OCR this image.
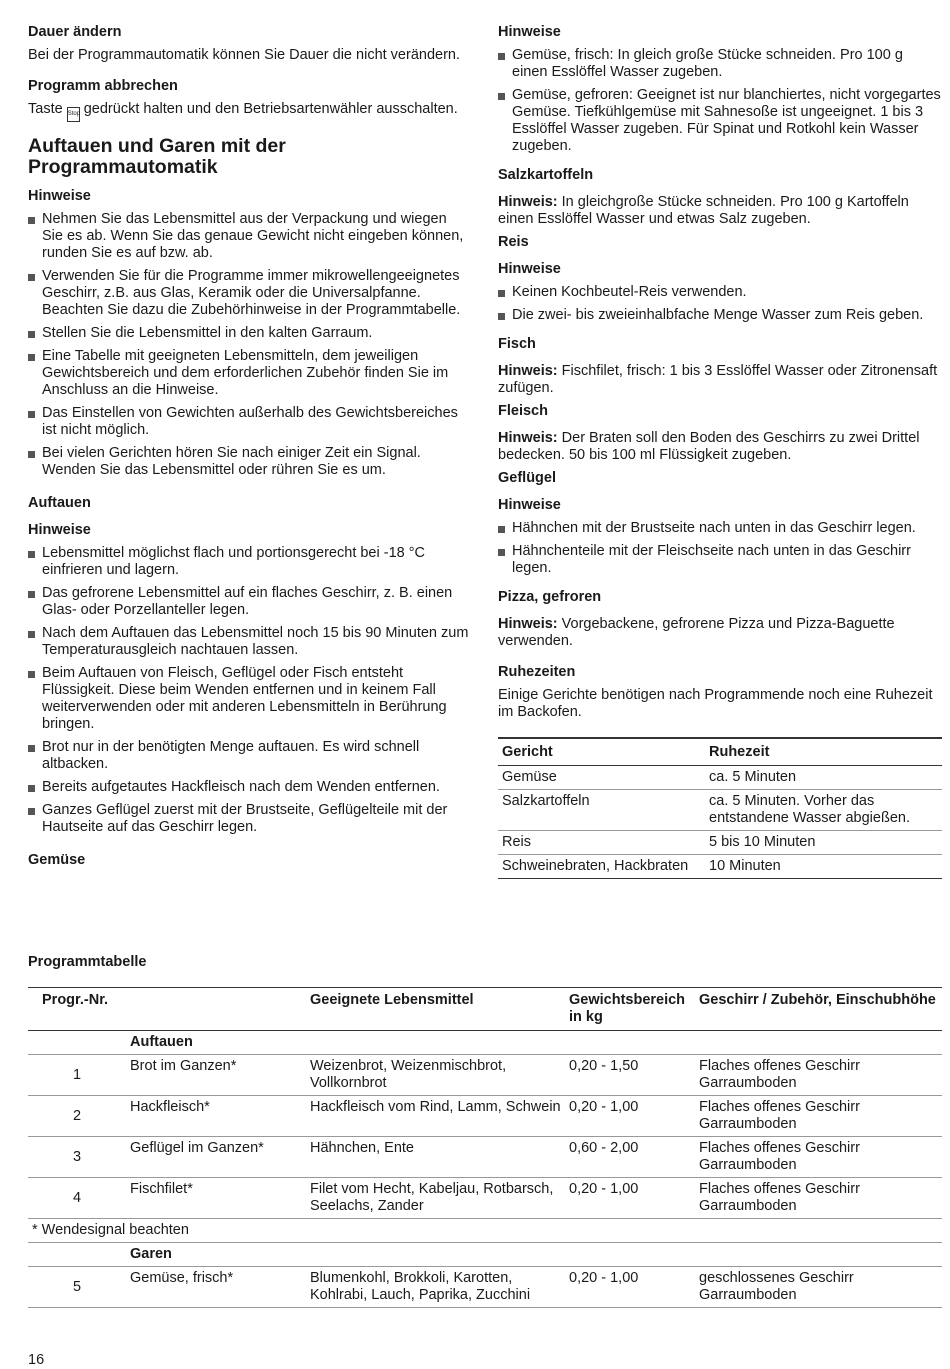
Dauer ändern

Bei der Programmautomatik können Sie Dauer die nicht verändern.

Programm abbrechen

Taste Stop gedrückt halten und den Betriebsartenwähler ausschalten.

Auftauen und Garen mit der Programmautomatik
Hinweise
Nehmen Sie das Lebensmittel aus der Verpackung und wiegen Sie es ab. Wenn Sie das genaue Gewicht nicht eingeben können, runden Sie es auf bzw. ab.
Verwenden Sie für die Programme immer mikrowellengeeignetes Geschirr, z.B. aus Glas, Keramik oder die Universalpfanne. Beachten Sie dazu die Zubehörhinweise in der Programmtabelle.
Stellen Sie die Lebensmittel in den kalten Garraum.
Eine Tabelle mit geeigneten Lebensmitteln, dem jeweiligen Gewichtsbereich und dem erforderlichen Zubehör finden Sie im Anschluss an die Hinweise.
Das Einstellen von Gewichten außerhalb des Gewichtsbereiches ist nicht möglich.
Bei vielen Gerichten hören Sie nach einiger Zeit ein Signal. Wenden Sie das Lebensmittel oder rühren Sie es um.
Auftauen
Hinweise
Lebensmittel möglichst flach und portionsgerecht bei -18 °C einfrieren und lagern.
Das gefrorene Lebensmittel auf ein flaches Geschirr, z. B. einen Glas- oder Porzellanteller legen.
Nach dem Auftauen das Lebensmittel noch 15 bis 90 Minuten zum Temperaturausgleich nachtauen lassen.
Beim Auftauen von Fleisch, Geflügel oder Fisch entsteht Flüssigkeit. Diese beim Wenden entfernen und in keinem Fall weiterverwenden oder mit anderen Lebensmitteln in Berührung bringen.
Brot nur in der benötigten Menge auftauen. Es wird schnell altbacken.
Bereits aufgetautes Hackfleisch nach dem Wenden entfernen.
Ganzes Geflügel zuerst mit der Brustseite, Geflügelteile mit der Hautseite auf das Geschirr legen.
Gemüse
Hinweise
Gemüse, frisch: In gleich große Stücke schneiden. Pro 100 g einen Esslöffel Wasser zugeben.
Gemüse, gefroren: Geeignet ist nur blanchiertes, nicht vorgegartes Gemüse. Tiefkühlgemüse mit Sahnesoße ist ungeeignet. 1 bis 3 Esslöffel Wasser zugeben. Für Spinat und Rotkohl kein Wasser zugeben.
Salzkartoffeln

Hinweis: In gleichgroße Stücke schneiden. Pro 100 g Kartoffeln einen Esslöffel Wasser und etwas Salz zugeben.

Reis
Hinweise
Keinen Kochbeutel-Reis verwenden.
Die zwei- bis zweieinhalbfache Menge Wasser zum Reis geben.
Fisch

Hinweis: Fischfilet, frisch: 1 bis 3 Esslöffel Wasser oder Zitronensaft zufügen.

Fleisch

Hinweis: Der Braten soll den Boden des Geschirrs zu zwei Drittel bedecken. 50 bis 100 ml Flüssigkeit zugeben.

Geflügel
Hinweise
Hähnchen mit der Brustseite nach unten in das Geschirr legen.
Hähnchenteile mit der Fleischseite nach unten in das Geschirr legen.
Pizza, gefroren

Hinweis: Vorgebackene, gefrorene Pizza und Pizza-Baguette verwenden.

Ruhezeiten

Einige Gerichte benötigen nach Programmende noch eine Ruhezeit im Backofen.

Gericht	Ruhezeit
Gemüse	ca. 5 Minuten
Salzkartoffeln	ca. 5 Minuten. Vorher das entstandene Wasser abgießen.
Reis	5 bis 10 Minuten
Schweinebraten, Hackbraten	10 Minuten
Programmtabelle
Progr.-Nr.		Geeignete Lebensmittel	Gewichtsbereich in kg	Geschirr / Zubehör, Einschubhöhe
	Auftauen			
1	Brot im Ganzen*	Weizenbrot, Weizenmischbrot, Vollkornbrot	0,20 - 1,50	Flaches offenes Geschirr
Garraumboden

2	Hackfleisch*	Hackfleisch vom Rind, Lamm, Schwein	0,20 - 1,00	Flaches offenes Geschirr
Garraumboden

3	Geflügel im Ganzen*	Hähnchen, Ente	0,60 - 2,00	Flaches offenes Geschirr
Garraumboden

4	Fischfilet*	Filet vom Hecht, Kabeljau, Rotbarsch, Seelachs, Zander	0,20 - 1,00	Flaches offenes Geschirr
Garraumboden

* Wendesignal beachten				
	Garen			
5	Gemüse, frisch*	Blumenkohl, Brokkoli, Karotten, Kohlrabi, Lauch, Paprika, Zucchini	0,20 - 1,00	geschlossenes Geschirr
Garraumboden
16
